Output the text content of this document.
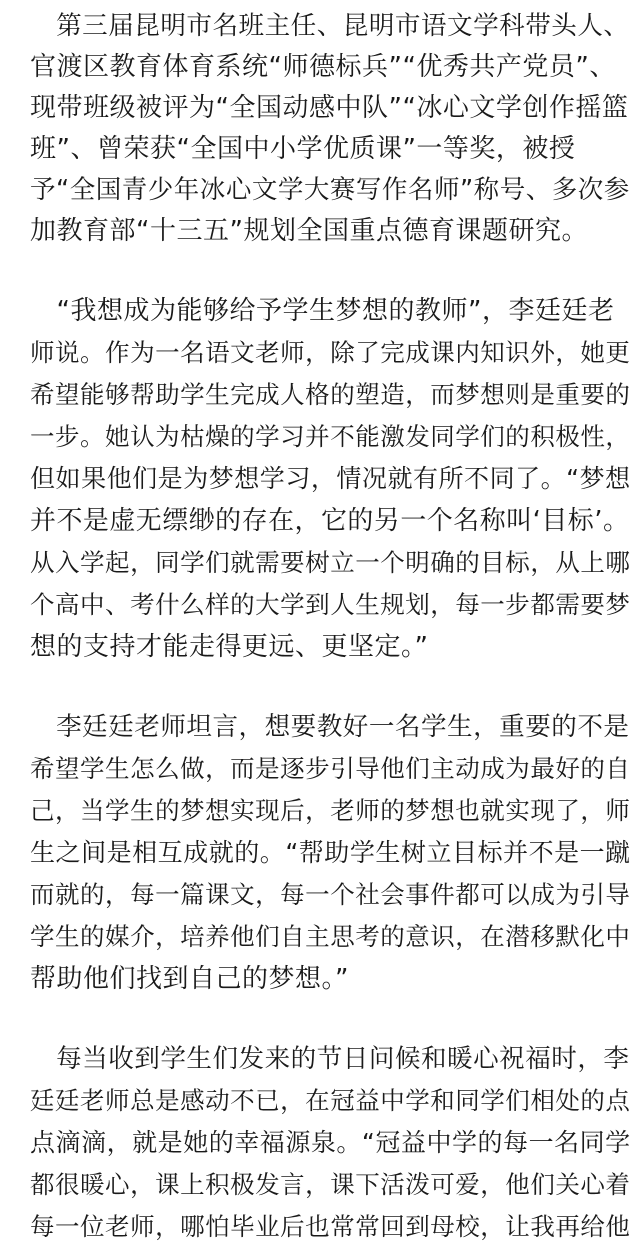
　第三届昆明市名班主任、昆明市语文学科带头人、
官渡区教育体育系统“师德标兵”“优秀共产党员”、
现带班级被评为“全国动感中队”“冰心文学创作摇篮
班”、曾荣获“全国中小学优质课”一等奖，被授
予“全国青少年冰心文学大赛写作名师”称号、多次参
加教育部“十三五”规划全国重点德育课题研究。
　“我想成为能够给予学生梦想的教师”，李廷廷老
师说。作为一名语文老师，除了完成课内知识外，她更
希望能够帮助学生完成人格的塑造，而梦想则是重要的
一步。她认为枯燥的学习并不能激发同学们的积极性，
但如果他们是为梦想学习，情况就有所不同了。“梦想
并不是虚无缥缈的存在，它的另一个名称叫‘目标’。
从入学起，同学们就需要树立一个明确的目标，从上哪
个高中、考什么样的大学到人生规划，每一步都需要梦
想的支持才能走得更远、更坚定。”
　李廷廷老师坦言，想要教好一名学生，重要的不是
希望学生怎么做，而是逐步引导他们主动成为最好的自
己，当学生的梦想实现后，老师的梦想也就实现了，师
生之间是相互成就的。“帮助学生树立目标并不是一蹴
而就的，每一篇课文，每一个社会事件都可以成为引导
学生的媒介，培养他们自主思考的意识，在潜移默化中
帮助他们找到自己的梦想。”
　每当收到学生们发来的节日问候和暖心祝福时，李
廷廷老师总是感动不已，在冠益中学和同学们相处的点
点滴滴，就是她的幸福源泉。“冠益中学的每一名同学
都很暖心，课上积极发言，课下活泼可爱，他们关心着
每一位老师，哪怕毕业后也常常回到母校，让我再给他
